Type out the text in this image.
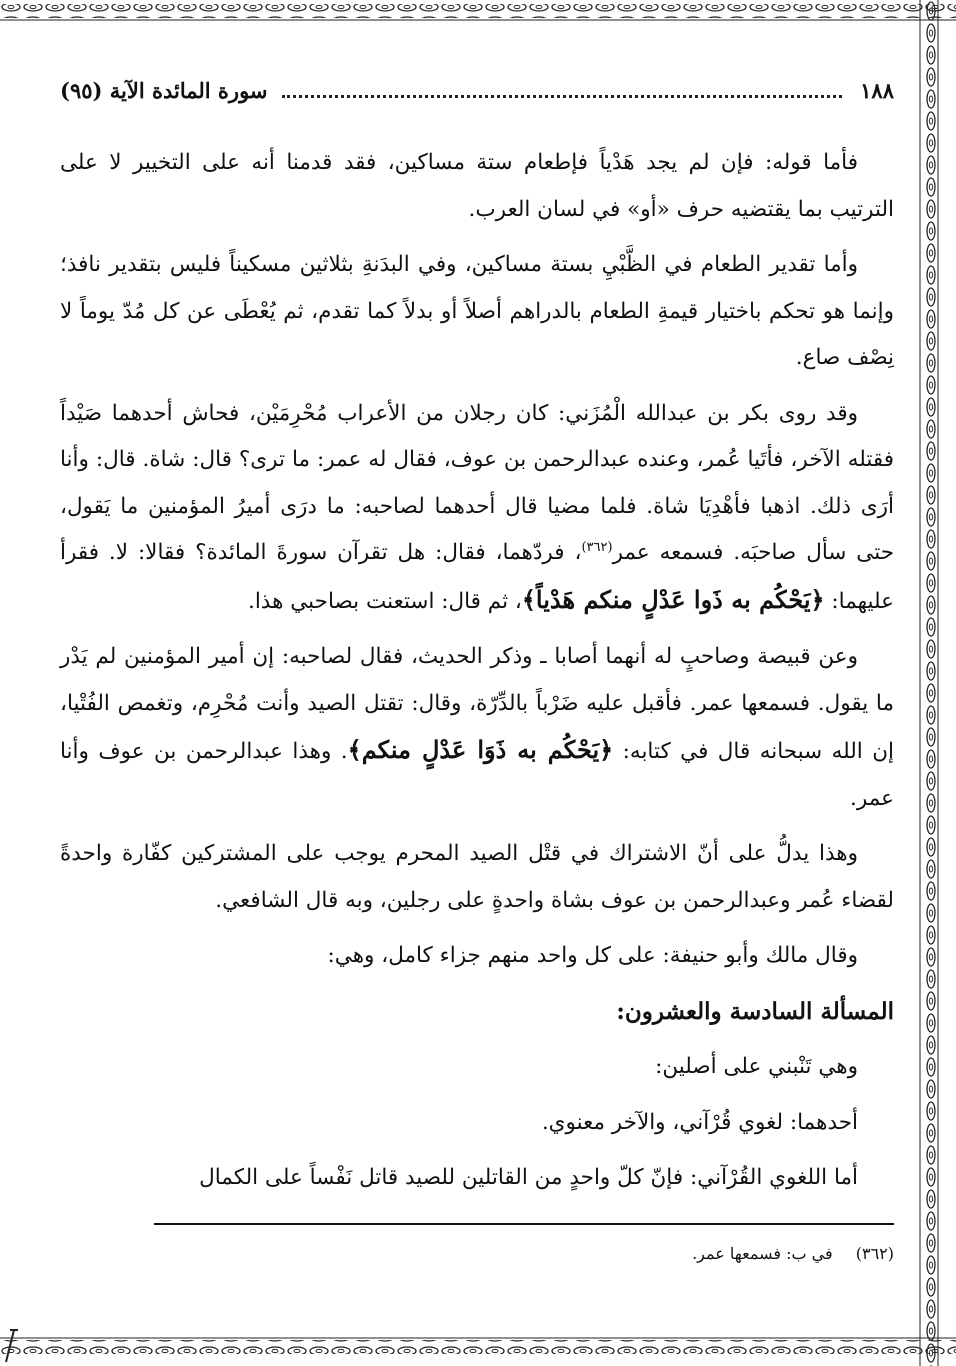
١٨٨
سورة المائدة الآية (٩٥)

فأما قوله: فإن لم يجد هَدْياً فإطعام ستة مساكين، فقد قدمنا أنه على التخيير لا على الترتيب بما يقتضيه حرف «أو» في لسان العرب.

وأما تقدير الطعام في الظَّبْيِ بستة مساكين، وفي البدَنةِ بثلاثين مسكيناً فليس بتقدير نافذ؛ وإنما هو تحكم باختيار قيمةِ الطعام بالدراهم أصلاً أو بدلاً كما تقدم، ثم يُعْطَى عن كل مُدّ يوماً لا نِصْف صاع.

وقد روى بكر بن عبدالله الْمُزَني: كان رجلان من الأعراب مُحْرِمَيْن، فحاش أحدهما صَيْداً فقتله الآخر، فأتَيا عُمر، وعنده عبدالرحمن بن عوف، فقال له عمر: ما ترى؟ قال: شاة. قال: وأنا أرَى ذلك. اذهبا فأهْدِيَا شاة. فلما مضيا قال أحدهما لصاحبه: ما درَى أميرُ المؤمنين ما يَقول، حتى سأل صاحبَه. فسمعه عمر$^{(٣٦٢)}$، فردّهما، فقال: هل تقرآن سورةَ المائدة؟ فقالا: لا. فقرأ عليهما: ﴿يَحْكُم به ذَوا عَدْلٍ منكم هَدْياً﴾، ثم قال: استعنت بصاحبي هذا.

وعن قبيصة وصاحبٍ له أنهما أصابا ـ وذكر الحديث، فقال لصاحبه: إن أمير المؤمنين لم يَدْر ما يقول. فسمعها عمر. فأقبل عليه ضَرْباً بالدِّرّة، وقال: تقتل الصيد وأنت مُحْرِم، وتغمص الفُتْيا، إن الله سبحانه قال في كتابه: ﴿يَحْكُم به ذَوَا عَدْلٍ منكم﴾. وهذا عبدالرحمن بن عوف وأنا عمر.

وهذا يدلُّ على أنّ الاشتراك في قتْل الصيد المحرم يوجب على المشتركين كفّارة واحدةً لقضاء عُمر وعبدالرحمن بن عوف بشاة واحدةٍ على رجلين، وبه قال الشافعي.

وقال مالك وأبو حنيفة: على كل واحد منهم جزاء كامل، وهي:

المسألة السادسة والعشرون:

وهي تَنْبني على أصلين:

أحدهما: لغوي قُرْآني، والآخر معنوي.

أما اللغوي القُرْآني: فإنّ كلّ واحدٍ من القاتلين للصيد قاتل نَفْساً على الكمال

(٣٦٢) في ب: فسمعها عمر.
